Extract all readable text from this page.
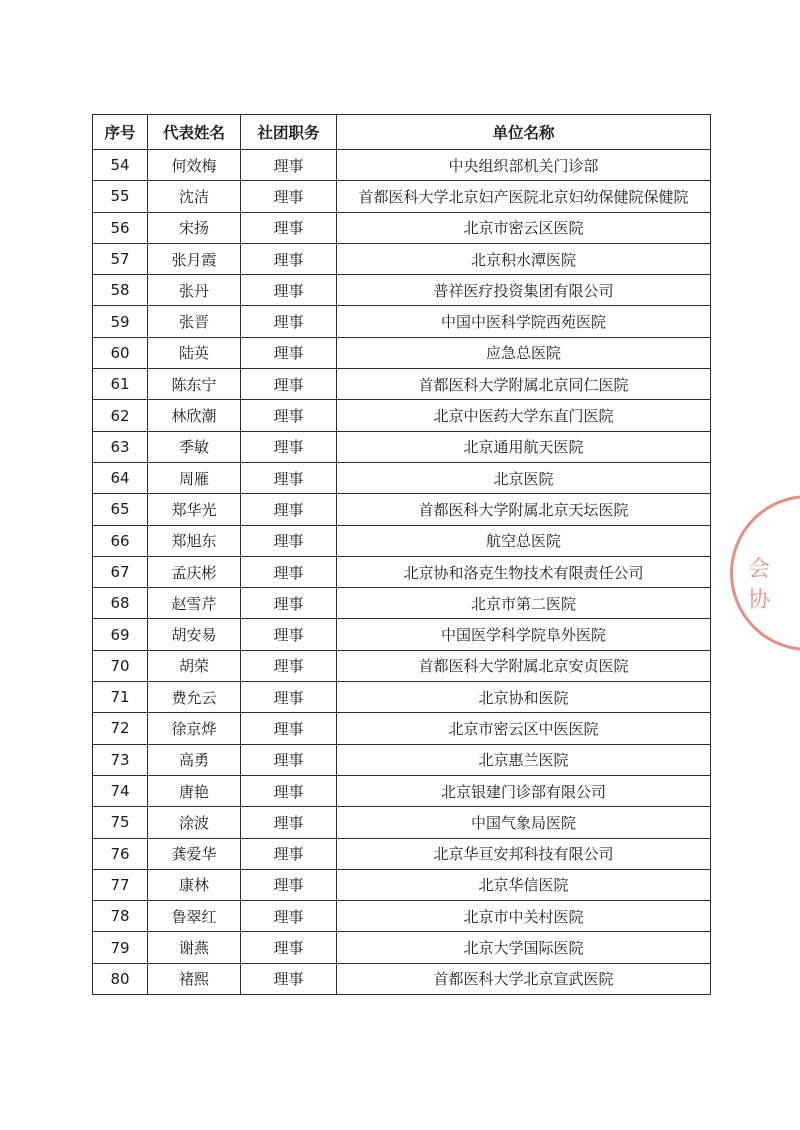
序号	代表姓名	社团职务	单位名称
54	何效梅	理事	中央组织部机关门诊部
55	沈洁	理事	首都医科大学北京妇产医院北京妇幼保健院保健院
56	宋扬	理事	北京市密云区医院
57	张月霞	理事	北京积水潭医院
58	张丹	理事	普祥医疗投资集团有限公司
59	张晋	理事	中国中医科学院西苑医院
60	陆英	理事	应急总医院
61	陈东宁	理事	首都医科大学附属北京同仁医院
62	林欣潮	理事	北京中医药大学东直门医院
63	季敏	理事	北京通用航天医院
64	周雁	理事	北京医院
65	郑华光	理事	首都医科大学附属北京天坛医院
66	郑旭东	理事	航空总医院
67	孟庆彬	理事	北京协和洛克生物技术有限责任公司
68	赵雪芹	理事	北京市第二医院
69	胡安易	理事	中国医学科学院阜外医院
70	胡荣	理事	首都医科大学附属北京安贞医院
71	费允云	理事	北京协和医院
72	徐京烨	理事	北京市密云区中医医院
73	高勇	理事	北京惠兰医院
74	唐艳	理事	北京银建门诊部有限公司
75	涂波	理事	中国气象局医院
76	龚爱华	理事	北京华亘安邦科技有限公司
77	康林	理事	北京华信医院
78	鲁翠红	理事	北京市中关村医院
79	谢燕	理事	北京大学国际医院
80	褚熙	理事	首都医科大学北京宣武医院
会协
